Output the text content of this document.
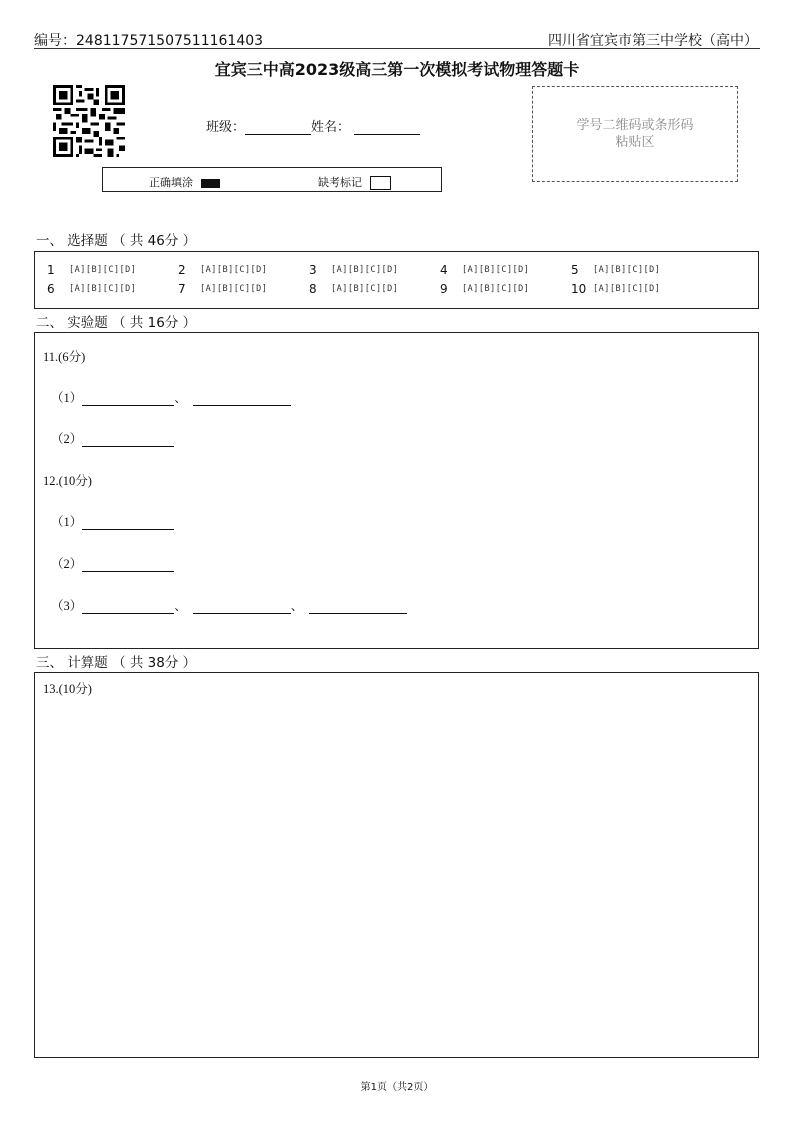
编号：24811757150751116140​3	四川省宜宾市第三中学校（高中）
宜宾三中高2023级高三第一次模拟考试物理答题卡
班级：	姓名：
正确填涂	缺考标记
学号二维码或条形码
粘贴区
一、 选择题 （ 共 46分 ）
1	[A][B][C][D]	2	[A][B][C][D]	3	[A][B][C][D]	4	[A][B][C][D]	5	[A][B][C][D]
6	[A][B][C][D]	7	[A][B][C][D]	8	[A][B][C][D]	9	[A][B][C][D]	10 [A][B][C][D]
二、 实验题 （ 共 16分 ）
11.(6分)
（1）	、
（2）
12.(10分)
（1）
（2）
（3）	、	、
三、 计算题 （ 共 38分 ）
13.(10分)
第1页（共2页）
